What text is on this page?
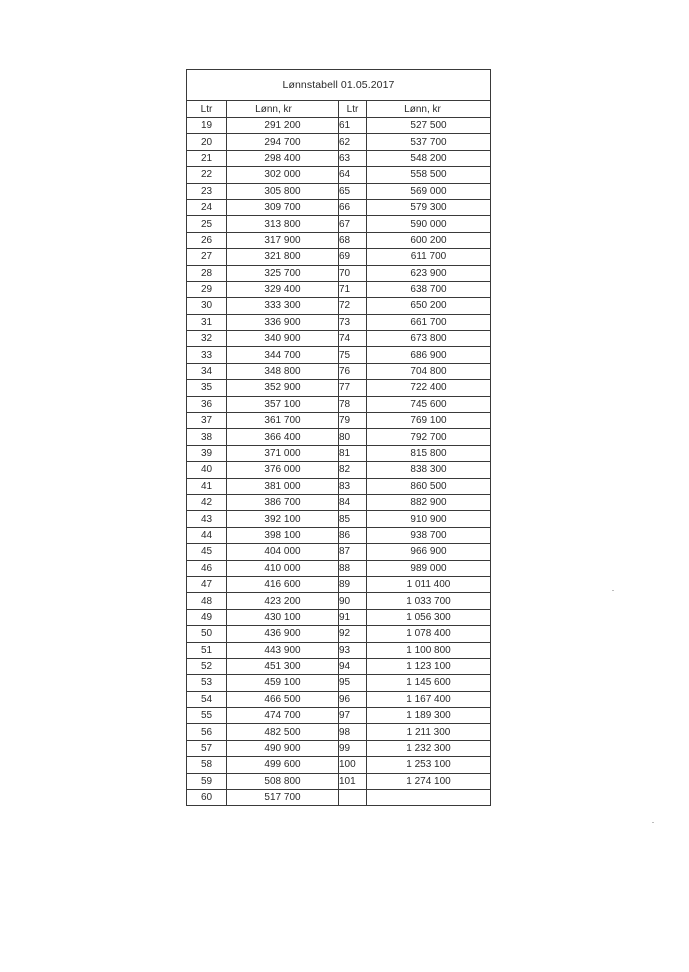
Lønnstabell 01.05.2017			
Ltr	Lønn, kr	Ltr	Lønn, kr
19	291 200	61	527 500
20	294 700	62	537 700
21	298 400	63	548 200
22	302 000	64	558 500
23	305 800	65	569 000
24	309 700	66	579 300
25	313 800	67	590 000
26	317 900	68	600 200
27	321 800	69	611 700
28	325 700	70	623 900
29	329 400	71	638 700
30	333 300	72	650 200
31	336 900	73	661 700
32	340 900	74	673 800
33	344 700	75	686 900
34	348 800	76	704 800
35	352 900	77	722 400
36	357 100	78	745 600
37	361 700	79	769 100
38	366 400	80	792 700
39	371 000	81	815 800
40	376 000	82	838 300
41	381 000	83	860 500
42	386 700	84	882 900
43	392 100	85	910 900
44	398 100	86	938 700
45	404 000	87	966 900
46	410 000	88	989 000
47	416 600	89	1 011 400
48	423 200	90	1 033 700
49	430 100	91	1 056 300
50	436 900	92	1 078 400
51	443 900	93	1 100 800
52	451 300	94	1 123 100
53	459 100	95	1 145 600
54	466 500	96	1 167 400
55	474 700	97	1 189 300
56	482 500	98	1 211 300
57	490 900	99	1 232 300
58	499 600	100	1 253 100
59	508 800	101	1 274 100
60	517 700		
